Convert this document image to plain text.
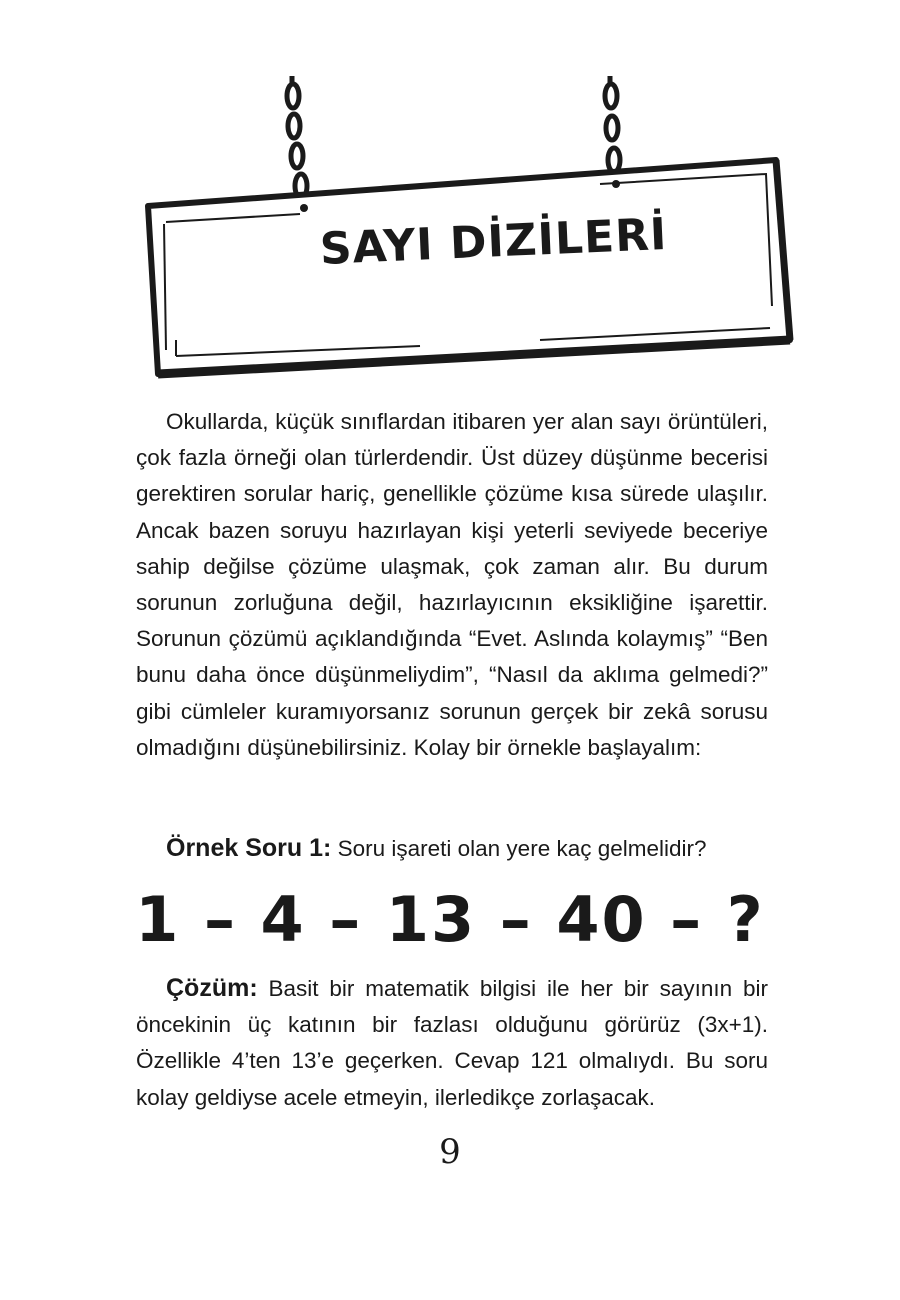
SAYI DİZİLERİ

Okullarda, küçük sınıflardan itibaren yer alan sayı örüntüleri, çok fazla örneği olan türlerdendir. Üst düzey düşünme becerisi gerektiren sorular hariç, genellikle çözüme kısa sürede ulaşılır. Ancak bazen soruyu hazırlayan kişi yeterli seviyede beceriye sahip değilse çözüme ulaşmak, çok zaman alır. Bu durum sorunun zorluğuna değil, hazırlayıcının eksikliğine işarettir. Sorunun çözümü açıklandığında “Evet. Aslında kolaymış” “Ben bunu daha önce düşünmeliydim”, “Nasıl da aklıma gelmedi?” gibi cümleler kuramıyorsanız sorunun gerçek bir zekâ sorusu olmadığını düşünebilirsiniz. Kolay bir örnekle başlayalım:

Örnek Soru 1: Soru işareti olan yere kaç gelmelidir?
1 – 4 – 13 – 40 – ?

Çözüm: Basit bir matematik bilgisi ile her bir sayının bir öncekinin üç katının bir fazlası olduğunu görürüz (3x+1). Özellikle 4’ten 13’e geçerken. Cevap 121 olmalıydı. Bu soru kolay geldiyse acele etmeyin, ilerledikçe zorlaşacak.

9
